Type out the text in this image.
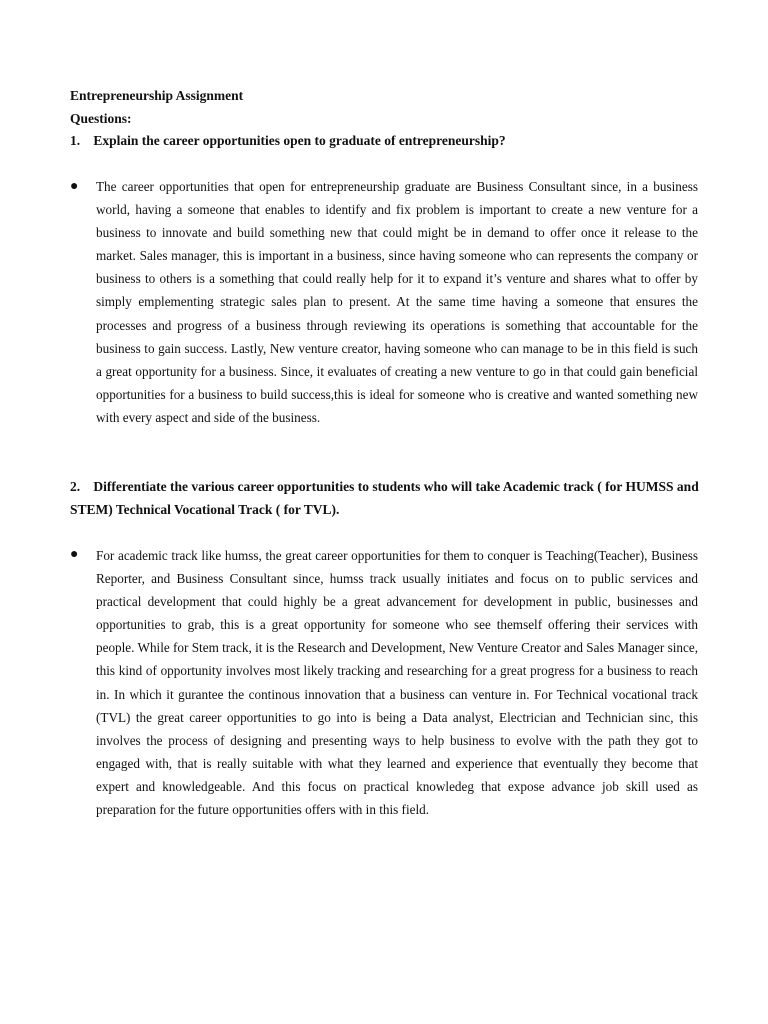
Entrepreneurship Assignment
Questions:
1. Explain the career opportunities open to graduate of entrepreneurship?
● The career opportunities that open for entrepreneurship graduate are Business Consultant since, in a business world, having a someone that enables to identify and fix problem is important to create a new venture for a business to innovate and build something new that could might be in demand to offer once it release to the market. Sales manager, this is important in a business, since having someone who can represents the company or business to others is a something that could really help for it to expand it’s venture and shares what to offer by simply emplementing strategic sales plan to present. At the same time having a someone that ensures the processes and progress of a business through reviewing its operations is something that accountable for the business to gain success. Lastly, New venture creator, having someone who can manage to be in this field is such a great opportunity for a business. Since, it evaluates of creating a new venture to go in that could gain beneficial opportunities for a business to build success,this is ideal for someone who is creative and wanted something new with every aspect and side of the business.
2. Differentiate the various career opportunities to students who will take Academic track ( for HUMSS and STEM) Technical Vocational Track ( for TVL).
● For academic track like humss, the great career opportunities for them to conquer is Teaching(Teacher), Business Reporter, and Business Consultant since, humss track usually initiates and focus on to public services and practical development that could highly be a great advancement for development in public, businesses and opportunities to grab, this is a great opportunity for someone who see themself offering their services with people. While for Stem track, it is the Research and Development, New Venture Creator and Sales Manager since, this kind of opportunity involves most likely tracking and researching for a great progress for a business to reach in. In which it gurantee the continous innovation that a business can venture in. For Technical vocational track (TVL) the great career opportunities to go into is being a Data analyst, Electrician and Technician sinc, this involves the process of designing and presenting ways to help business to evolve with the path they got to engaged with, that is really suitable with what they learned and experience that eventually they become that expert and knowledgeable. And this focus on practical knowledeg that expose advance job skill used as preparation for the future opportunities offers with in this field.
